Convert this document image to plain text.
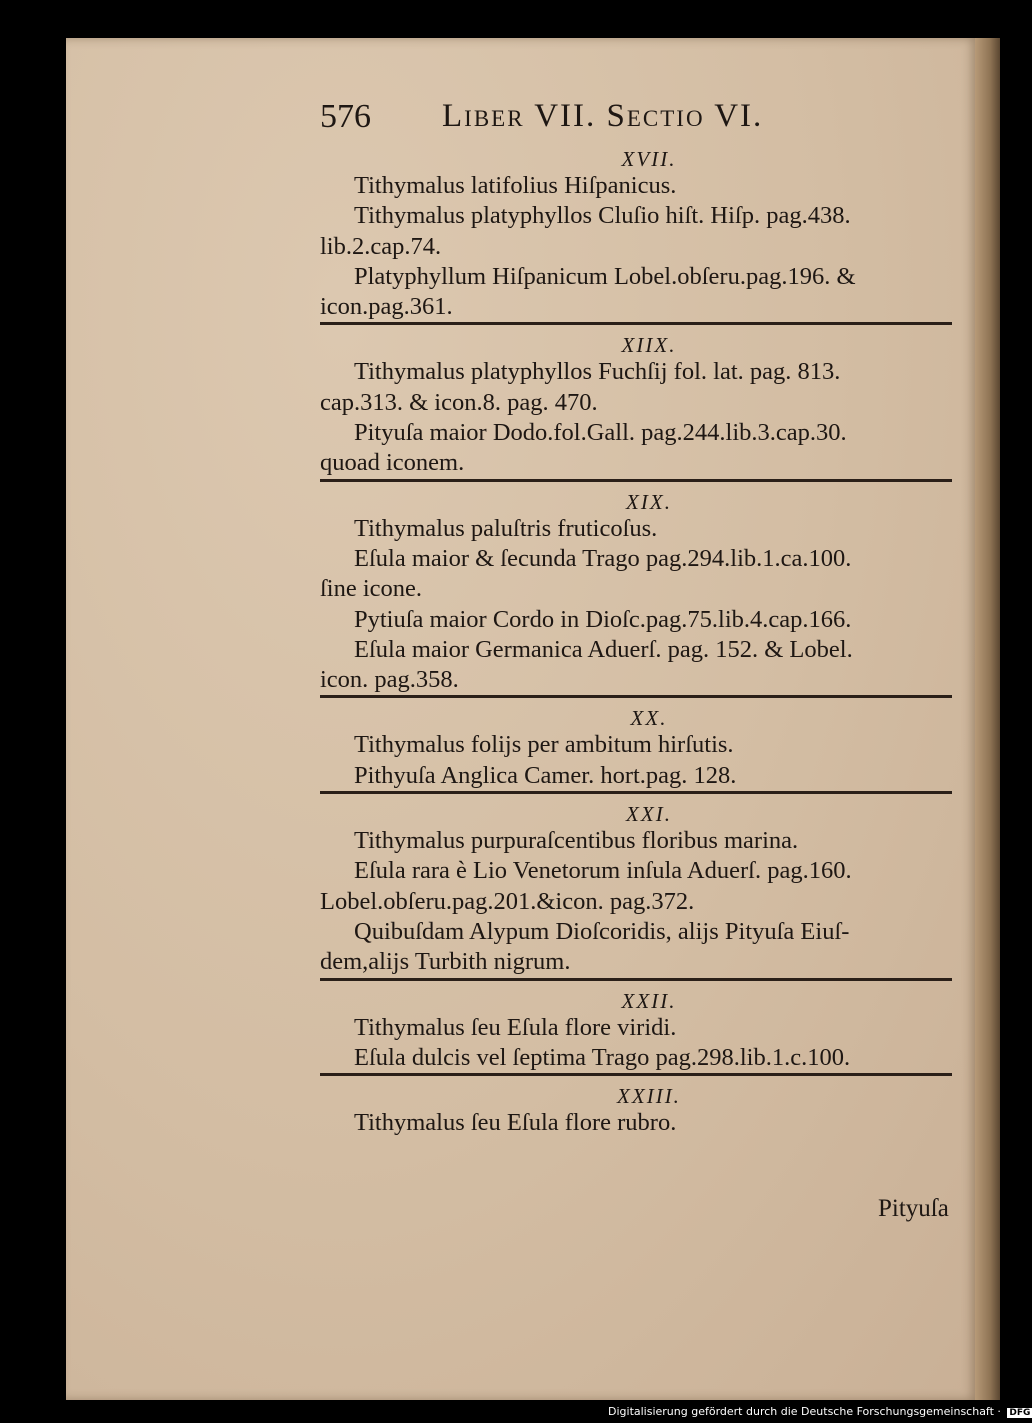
576 Liber VII. Sectio VI.
XVII.

Tithymalus latifolius Hiſpanicus.

Tithymalus platyphyllos Cluſio hiſt. Hiſp. pag.438.

lib.2.cap.74.

Platyphyllum Hiſpanicum Lobel.obſeru.pag.196. &

icon.pag.361.

XIIX.

Tithymalus platyphyllos Fuchſij fol. lat. pag. 813.

cap.313. & icon.8. pag. 470.

Pityuſa maior Dodo.fol.Gall. pag.244.lib.3.cap.30.

quoad iconem.

XIX.

Tithymalus paluſtris fruticoſus.

Eſula maior & ſecunda Trago pag.294.lib.1.ca.100.

ſine icone.

Pytiuſa maior Cordo in Dioſc.pag.75.lib.4.cap.166.

Eſula maior Germanica Aduerſ. pag. 152. & Lobel.

icon. pag.358.

XX.

Tithymalus folijs per ambitum hirſutis.

Pithyuſa Anglica Camer. hort.pag. 128.

XXI.

Tithymalus purpuraſcentibus floribus marina.

Eſula rara è Lio Venetorum inſula Aduerſ. pag.160.

Lobel.obſeru.pag.201.&icon. pag.372.

Quibuſdam Alypum Dioſcoridis, alijs Pityuſa Eiuſ-

dem,alijs Turbith nigrum.

XXII.

Tithymalus ſeu Eſula flore viridi.

Eſula dulcis vel ſeptima Trago pag.298.lib.1.c.100.

XXIII.

Tithymalus ſeu Eſula flore rubro.

Pityuſa
Digitalisierung gefördert durch die Deutsche Forschungsgemeinschaft · DFG
